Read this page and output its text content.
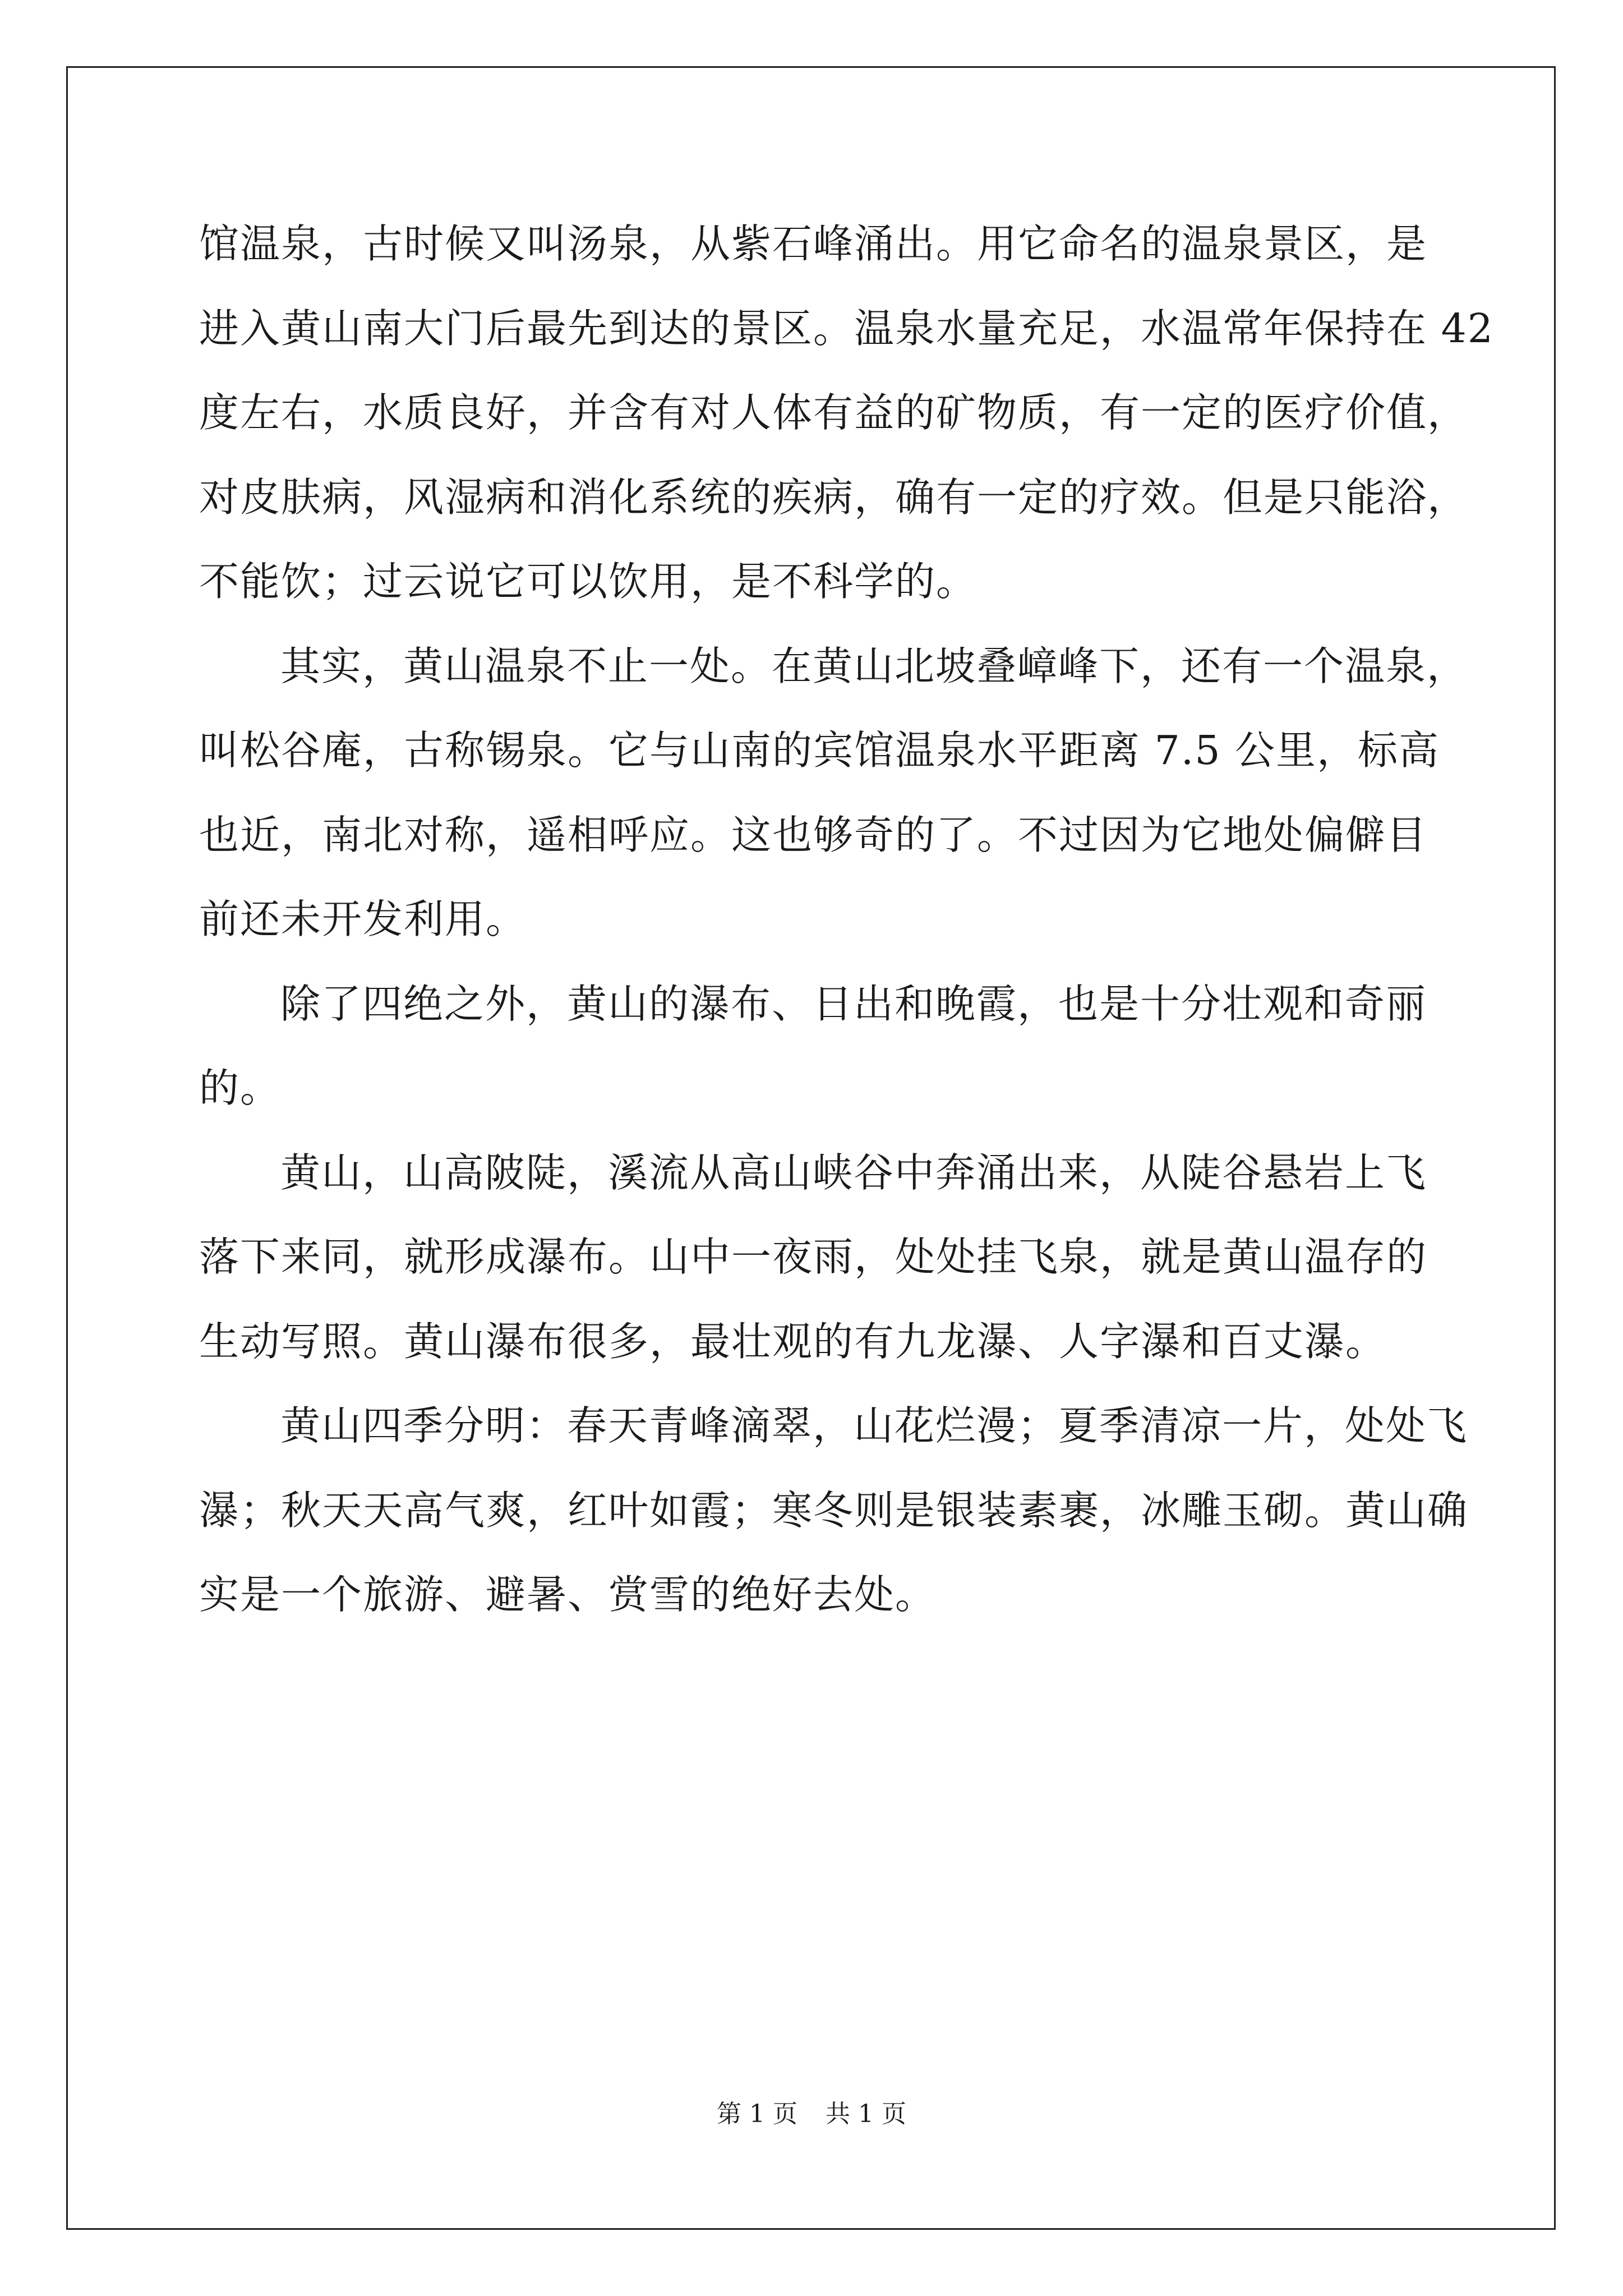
馆温泉，古时候又叫汤泉，从紫石峰涌出。用它命名的温泉景区，是
进入黄山南大门后最先到达的景区。温泉水量充足，水温常年保持在 42
度左右，水质良好，并含有对人体有益的矿物质，有一定的医疗价值，
对皮肤病，风湿病和消化系统的疾病，确有一定的疗效。但是只能浴，
不能饮；过云说它可以饮用，是不科学的。
其实，黄山温泉不止一处。在黄山北坡叠嶂峰下，还有一个温泉，
叫松谷庵，古称锡泉。它与山南的宾馆温泉水平距离 7.5 公里，标高
也近，南北对称，遥相呼应。这也够奇的了。不过因为它地处偏僻目
前还未开发利用。
除了四绝之外，黄山的瀑布、日出和晚霞，也是十分壮观和奇丽
的。
黄山，山高陂陡，溪流从高山峡谷中奔涌出来，从陡谷悬岩上飞
落下来同，就形成瀑布。山中一夜雨，处处挂飞泉，就是黄山温存的
生动写照。黄山瀑布很多，最壮观的有九龙瀑、人字瀑和百丈瀑。
黄山四季分明：春天青峰滴翠，山花烂漫；夏季清凉一片，处处飞
瀑；秋天天高气爽，红叶如霞；寒冬则是银装素裹，冰雕玉砌。黄山确
实是一个旅游、避暑、赏雪的绝好去处。
第 1 页 共 1 页
